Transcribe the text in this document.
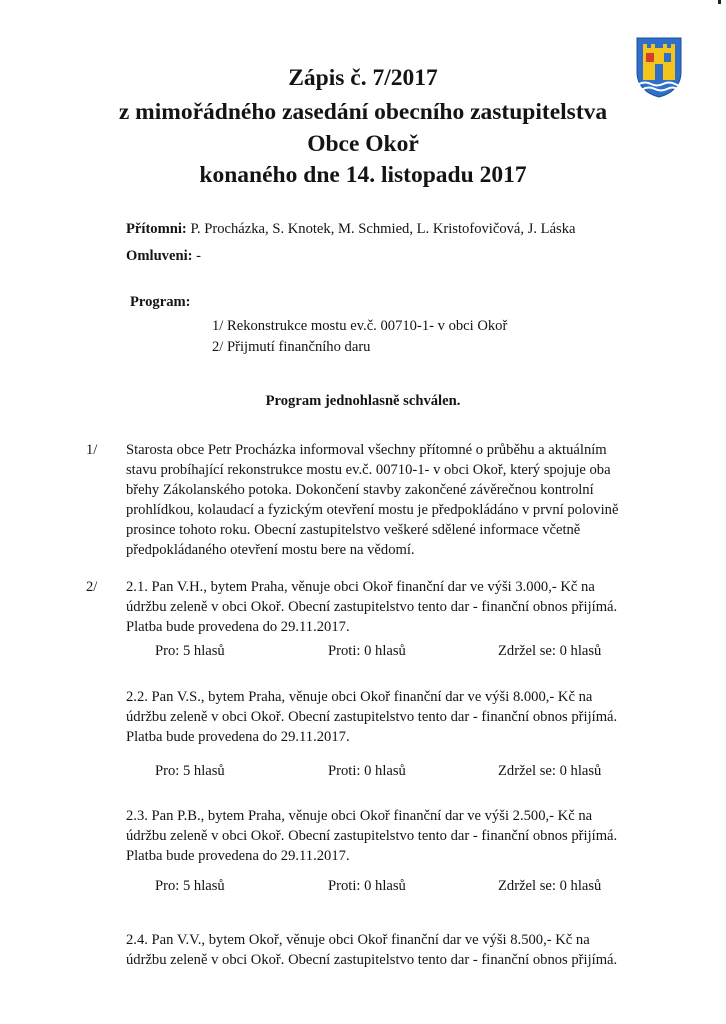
Zápis č. 7/2017
z mimořádného zasedání obecního zastupitelstva
Obce Okoř
konaného dne 14. listopadu 2017
Přítomni: P. Procházka, S. Knotek, M. Schmied, L. Kristofovičová, J. Láska
Omluveni: -
Program:
1/ Rekonstrukce mostu ev.č. 00710-1- v obci Okoř
2/ Přijmutí finančního daru
Program jednohlasně schválen.
1/ Starosta obce Petr Procházka informoval všechny přítomné o průběhu a aktuálním
stavu probíhající rekonstrukce mostu ev.č. 00710-1- v obci Okoř, který spojuje oba
břehy Zákolanského potoka. Dokončení stavby zakončené závěrečnou kontrolní
prohlídkou, kolaudací a fyzickým otevření mostu je předpokládáno v první polovině
prosince tohoto roku. Obecní zastupitelstvo veškeré sdělené informace včetně
předpokládaného otevření mostu bere na vědomí.
2/ 2.1. Pan V.H., bytem Praha, věnuje obci Okoř finanční dar ve výši 3.000,- Kč na
údržbu zeleně v obci Okoř. Obecní zastupitelstvo tento dar - finanční obnos přijímá.
Platba bude provedena do 29.11.2017.
Pro: 5 hlasů	Proti: 0 hlasů	Zdržel se: 0 hlasů
2.2. Pan V.S., bytem Praha, věnuje obci Okoř finanční dar ve výši 8.000,- Kč na
údržbu zeleně v obci Okoř. Obecní zastupitelstvo tento dar - finanční obnos přijímá.
Platba bude provedena do 29.11.2017.
Pro: 5 hlasů	Proti: 0 hlasů	Zdržel se: 0 hlasů
2.3. Pan P.B., bytem Praha, věnuje obci Okoř finanční dar ve výši 2.500,- Kč na
údržbu zeleně v obci Okoř. Obecní zastupitelstvo tento dar - finanční obnos přijímá.
Platba bude provedena do 29.11.2017.
Pro: 5 hlasů	Proti: 0 hlasů	Zdržel se: 0 hlasů
2.4. Pan V.V., bytem Okoř, věnuje obci Okoř finanční dar ve výši 8.500,- Kč na
údržbu zeleně v obci Okoř. Obecní zastupitelstvo tento dar - finanční obnos přijímá.
